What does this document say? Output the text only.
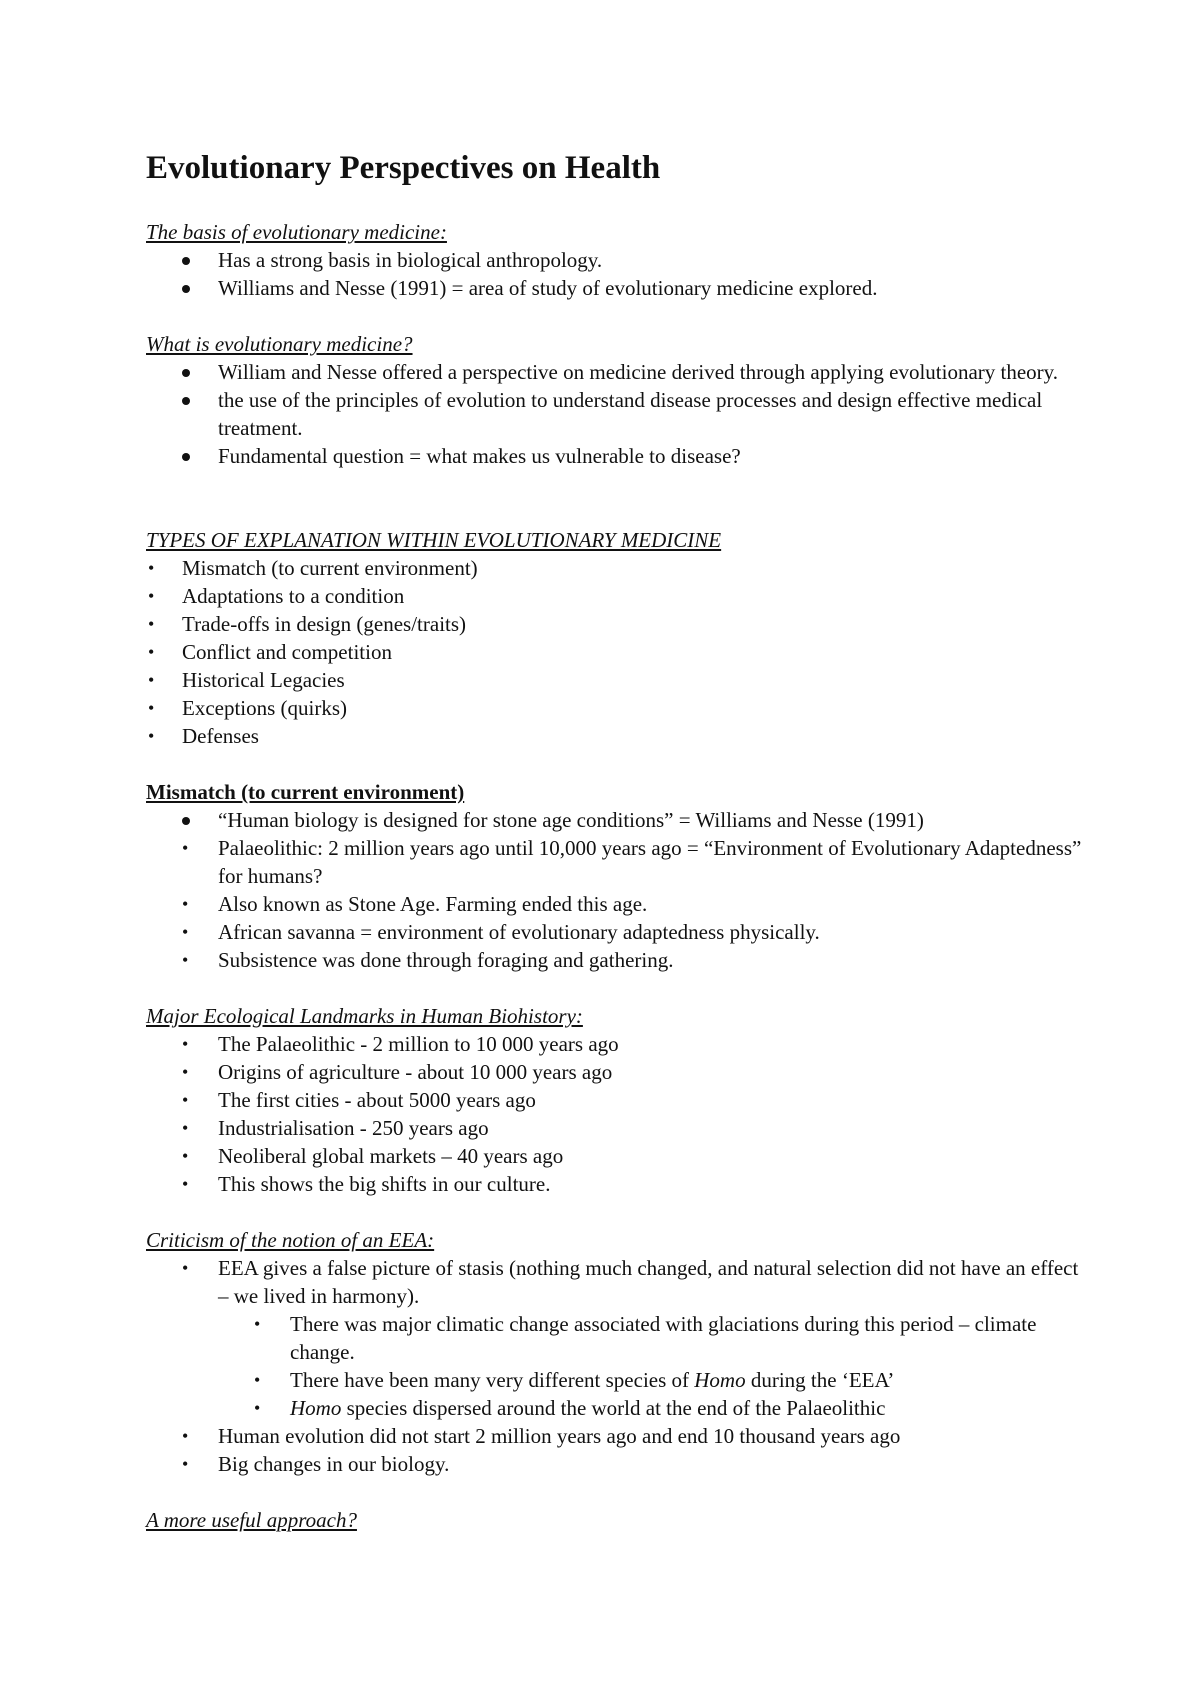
Evolutionary Perspectives on Health
The basis of evolutionary medicine:
Has a strong basis in biological anthropology.
Williams and Nesse (1991) = area of study of evolutionary medicine explored.
What is evolutionary medicine?
William and Nesse offered a perspective on medicine derived through applying evolutionary theory.
the use of the principles of evolution to understand disease processes and design effective medical treatment.
Fundamental question = what makes us vulnerable to disease?
TYPES OF EXPLANATION WITHIN EVOLUTIONARY MEDICINE
Mismatch (to current environment)
Adaptations to a condition
Trade-offs in design (genes/traits)
Conflict and competition
Historical Legacies
Exceptions (quirks)
Defenses
Mismatch (to current environment)
“Human biology is designed for stone age conditions” = Williams and Nesse (1991)
Palaeolithic: 2 million years ago until 10,000 years ago = “Environment of Evolutionary Adaptedness” for humans?
Also known as Stone Age. Farming ended this age.
African savanna = environment of evolutionary adaptedness physically.
Subsistence was done through foraging and gathering.
Major Ecological Landmarks in Human Biohistory:
The Palaeolithic - 2 million to 10 000 years ago
Origins of agriculture - about 10 000 years ago
The first cities - about 5000 years ago
Industrialisation - 250 years ago
Neoliberal global markets – 40 years ago
This shows the big shifts in our culture.
Criticism of the notion of an EEA:
EEA gives a false picture of stasis (nothing much changed, and natural selection did not have an effect – we lived in harmony).
There was major climatic change associated with glaciations during this period – climate change.
There have been many very different species of Homo during the ‘EEA’
Homo species dispersed around the world at the end of the Palaeolithic
Human evolution did not start 2 million years ago and end 10 thousand years ago
Big changes in our biology.
A more useful approach?
